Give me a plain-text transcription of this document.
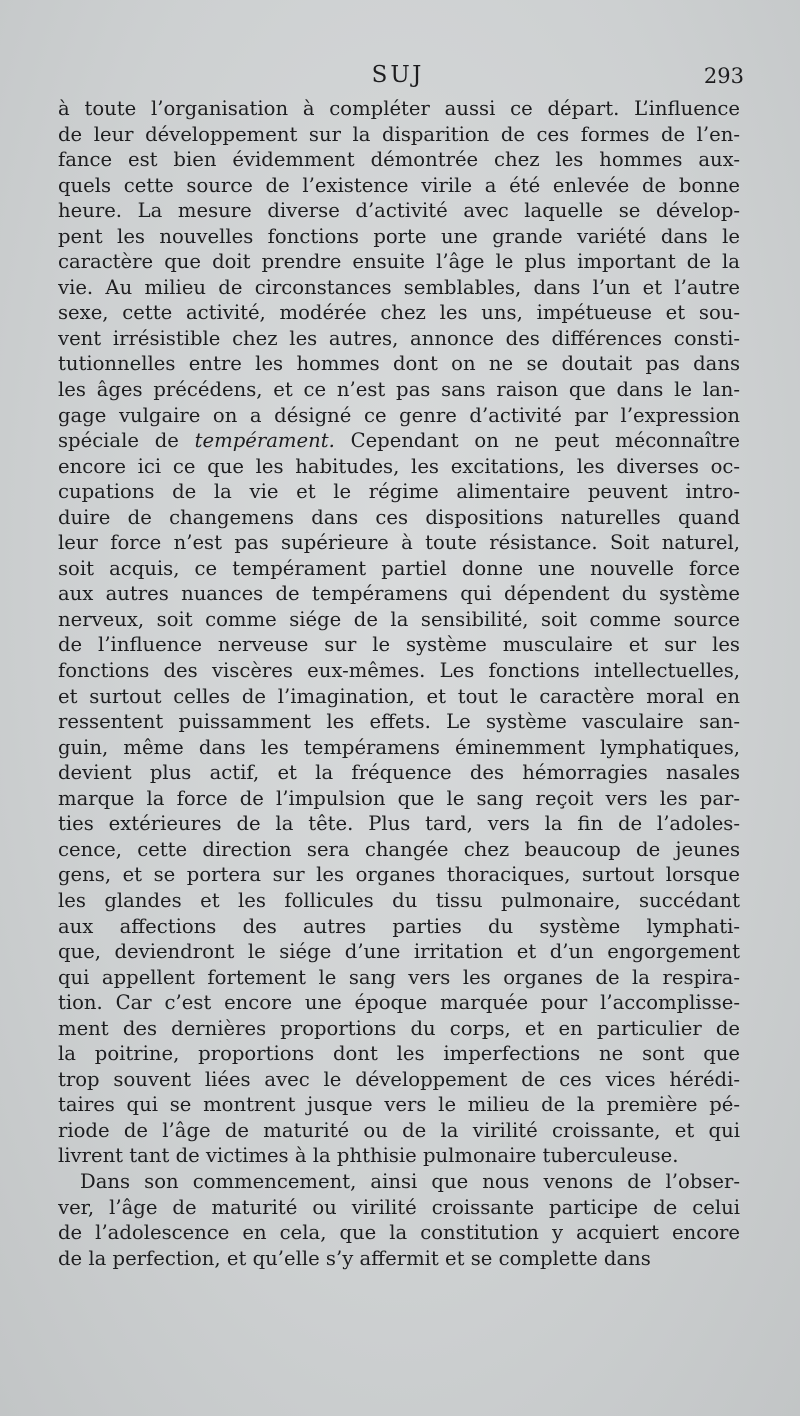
SUJ	293
à toute l’organisation à compléter aussi ce départ. L’influence
de leur développement sur la disparition de ces formes de l’en-
fance est bien évidemment démontrée chez les hommes aux-
quels cette source de l’existence virile a été enlevée de bonne
heure. La mesure diverse d’activité avec laquelle se dévelop-
pent les nouvelles fonctions porte une grande variété dans le
caractère que doit prendre ensuite l’âge le plus important de la
vie. Au milieu de circonstances semblables, dans l’un et l’autre
sexe, cette activité, modérée chez les uns, impétueuse et sou-
vent irrésistible chez les autres, annonce des différences consti-
tutionnelles entre les hommes dont on ne se doutait pas dans
les âges précédens, et ce n’est pas sans raison que dans le lan-
gage vulgaire on a désigné ce genre d’activité par l’expression
spéciale de tempérament. Cependant on ne peut méconnaître
encore ici ce que les habitudes, les excitations, les diverses oc-
cupations de la vie et le régime alimentaire peuvent intro-
duire de changemens dans ces dispositions naturelles quand
leur force n’est pas supérieure à toute résistance. Soit naturel,
soit acquis, ce tempérament partiel donne une nouvelle force
aux autres nuances de tempéramens qui dépendent du système
nerveux, soit comme siége de la sensibilité, soit comme source
de l’influence nerveuse sur le système musculaire et sur les
fonctions des viscères eux-mêmes. Les fonctions intellectuelles,
et surtout celles de l’imagination, et tout le caractère moral en
ressentent puissamment les effets. Le système vasculaire san-
guin, même dans les tempéramens éminemment lymphatiques,
devient plus actif, et la fréquence des hémorragies nasales
marque la force de l’impulsion que le sang reçoit vers les par-
ties extérieures de la tête. Plus tard, vers la fin de l’adoles-
cence, cette direction sera changée chez beaucoup de jeunes
gens, et se portera sur les organes thoraciques, surtout lorsque
les glandes et les follicules du tissu pulmonaire, succédant
aux affections des autres parties du système lymphati-
que, deviendront le siége d’une irritation et d’un engorgement
qui appellent fortement le sang vers les organes de la respira-
tion. Car c’est encore une époque marquée pour l’accomplisse-
ment des dernières proportions du corps, et en particulier de
la poitrine, proportions dont les imperfections ne sont que
trop souvent liées avec le développement de ces vices hérédi-
taires qui se montrent jusque vers le milieu de la première pé-
riode de l’âge de maturité ou de la virilité croissante, et qui
livrent tant de victimes à la phthisie pulmonaire tuberculeuse.
Dans son commencement, ainsi que nous venons de l’obser-
ver, l’âge de maturité ou virilité croissante participe de celui
de l’adolescence en cela, que la constitution y acquiert encore
de la perfection, et qu’elle s’y affermit et se complette dans
